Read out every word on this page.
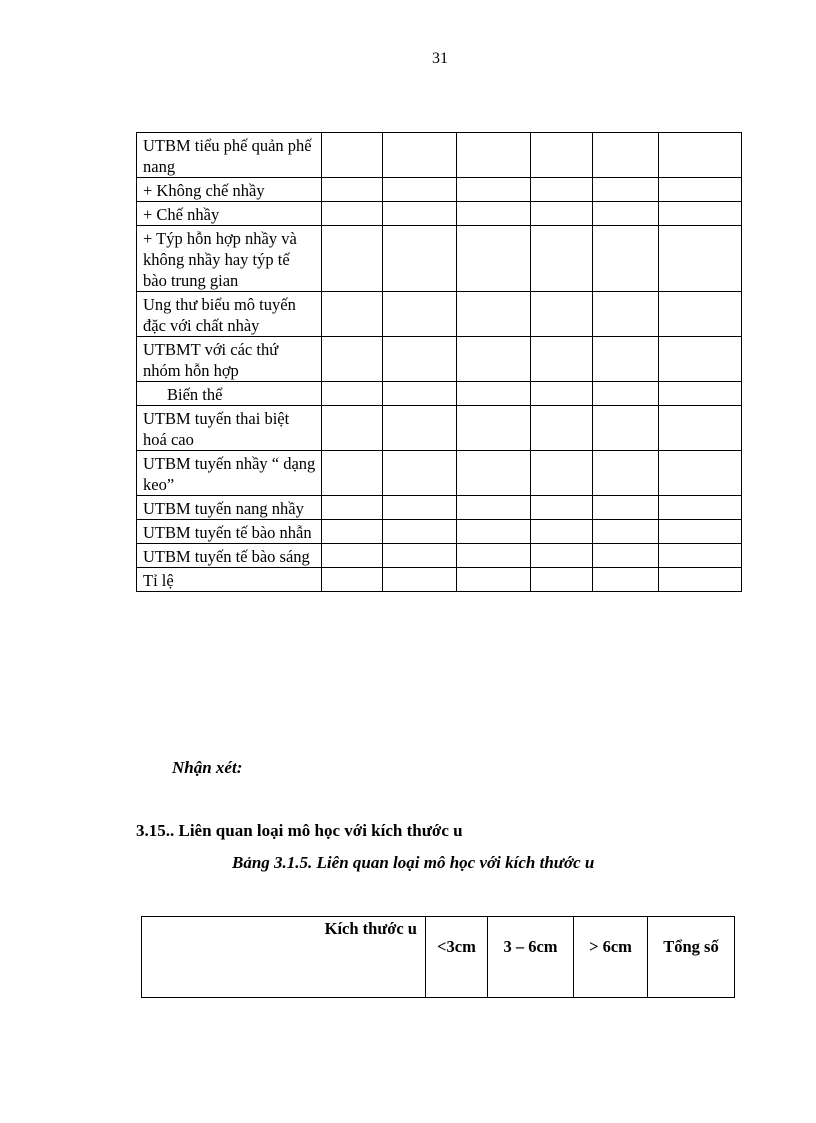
31
UTBM tiểu phế quản phế nang						
+ Không chế nhầy						
+ Chế nhầy						
+ Týp hỗn hợp nhầy và không nhầy hay týp tế bào trung gian						
Ung thư biểu mô tuyến đặc với chất nhày						
UTBMT với các thứ nhóm hỗn hợp						
Biến thể						
UTBM tuyến thai biệt hoá cao						
UTBM tuyến nhầy “ dạng keo”						
UTBM tuyến nang nhầy						
UTBM tuyến tế bào nhẫn						
UTBM tuyến tế bào sáng						
Tỉ lệ						
Nhận xét:
3.15.. Liên quan loại mô học với kích thước u
Bảng 3.1.5. Liên quan loại mô học với kích thước u
Kích thước u	<3cm	3 – 6cm	> 6cm	Tổng số
